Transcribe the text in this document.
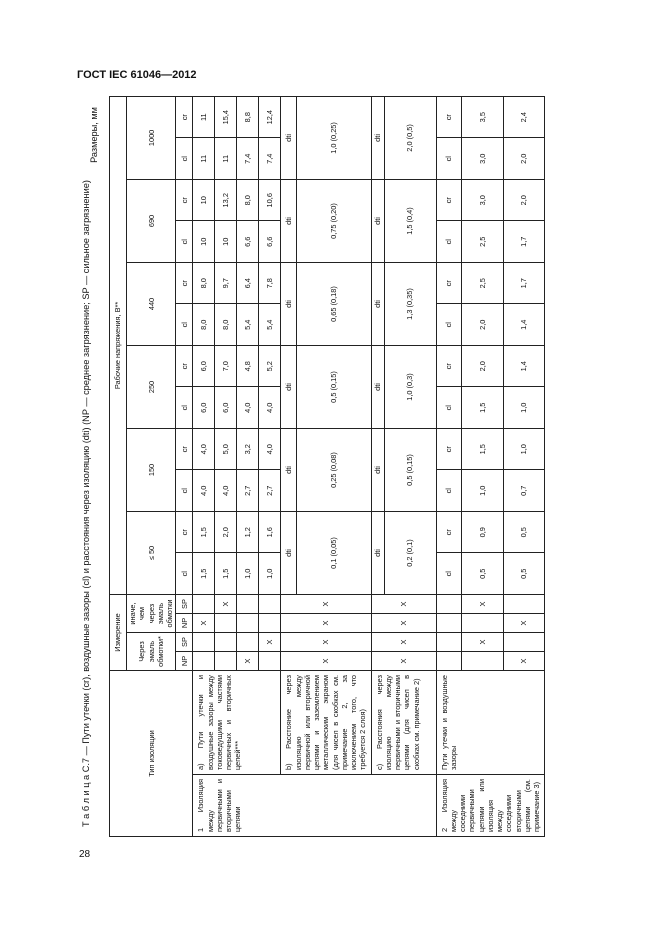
ГОСТ IEC 61046—2012
28
Т а б л и ц а С.7 — Пути утечки (cr), воздушные зазоры (cl) и расстояния через изоляцию (dti) (NP — среднее загрязнение; SP — сильное загрязнение)
Размеры, мм
Тип изоляции		Измерение				Рабочие напряжения, В**											
		Через эмаль обмотки*		иначе, чем через эмаль обмотки													
						≤ 50		150		250		440		690		1000	
		NP	SP	NP	SP	cl	cr	cl	cr	cl	cr	cl	cr	cl	cr	cl	cr
1 Изоляция между первичными и вторичными цепями	а) Пути утечки и воздушные зазоры между токоведущими частями первичных и вторичных цепей***			X		1,5	1,5	4,0	4,0	6,0	6,0	8,0	8,0	10	10	11	11
					X	1,5	2,0	4,0	5,0	6,0	7,0	8,0	9,7	10	13,2	11	15,4
		X				1,0	1,2	2,7	3,2	4,0	4,8	5,4	6,4	6,6	8,0	7,4	8,8
			X			1,0	1,6	2,7	4,0	4,0	5,2	5,4	7,8	6,6	10,6	7,4	12,4
	b) Расстояние через изоляцию между первичной или вторичной цепями и заземлением металлическим экраном (для чисел в скобках см. примечание 2, за исключением того, что требуется 2 слоя)	X	X	X	X	dti		dti		dti		dti		dti		dti	
						0,1 (0,05)		0,25 (0,08)		0,5 (0,15)		0,65 (0,18)		0,75 (0,20)		1,0 (0,25)	
	с) Расстояния через изоляцию между первичными и вторичными цепями (для чисел в скобках см. примечание 2)	X	X	X	X	dti		dti		dti		dti		dti		dti	
						0,2 (0,1)		0,5 (0,15)		1,0 (0,3)		1,3 (0,35)		1,5 (0,4)		2,0 (0,5)	
2 Изоляция между соседними первичными цепями или изоляция между соседними вторичными цепями (см. примечание 3)	Пути утечки и воздушные зазоры					cl	cr	cl	cr	cl	cr	cl	cr	cl	cr	cl	cr
			X		X	0,5	0,9	1,0	1,5	1,5	2,0	2,0	2,5	2,5	3,0	3,0	3,5
		X		X		0,5	0,5	0,7	1,0	1,0	1,4	1,4	1,7	1,7	2,0	2,0	2,4
